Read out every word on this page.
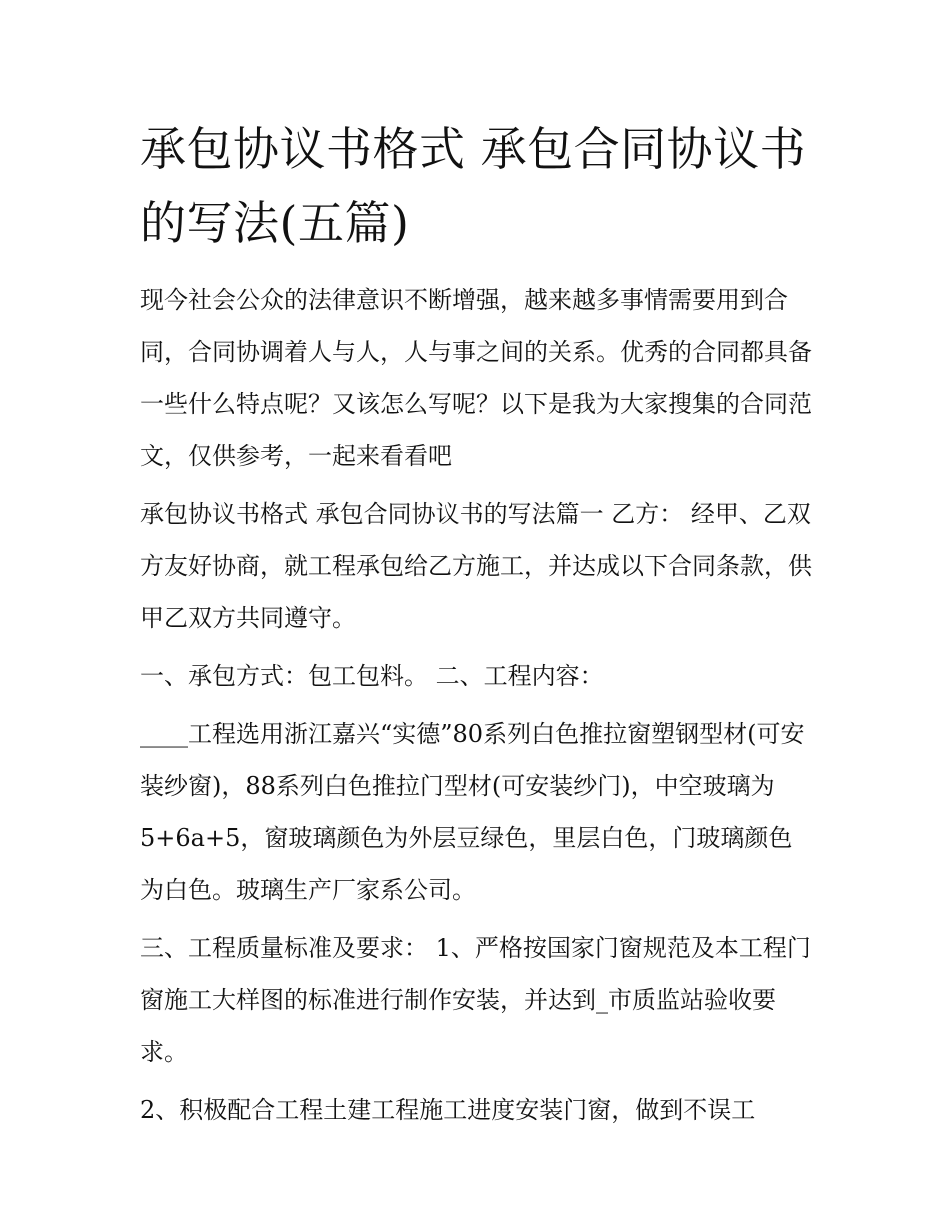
承包协议书格式 承包合同协议书的写法(五篇)

现今社会公众的法律意识不断增强，越来越多事情需要用到合同，合同协调着人与人，人与事之间的关系。优秀的合同都具备一些什么特点呢？又该怎么写呢？以下是我为大家搜集的合同范文，仅供参考，一起来看看吧

承包协议书格式 承包合同协议书的写法篇一 乙方： 经甲、乙双方友好协商，就工程承包给乙方施工，并达成以下合同条款，供甲乙双方共同遵守。

一、承包方式：包工包料。 二、工程内容：

____工程选用浙江嘉兴“实德”80系列白色推拉窗塑钢型材(可安装纱窗)，88系列白色推拉门型材(可安装纱门)，中空玻璃为5+6a+5，窗玻璃颜色为外层豆绿色，里层白色，门玻璃颜色为白色。玻璃生产厂家系公司。

三、工程质量标准及要求： 1、严格按国家门窗规范及本工程门窗施工大样图的标准进行制作安装，并达到_市质监站验收要求。

2、积极配合工程土建工程施工进度安装门窗，做到不误工
